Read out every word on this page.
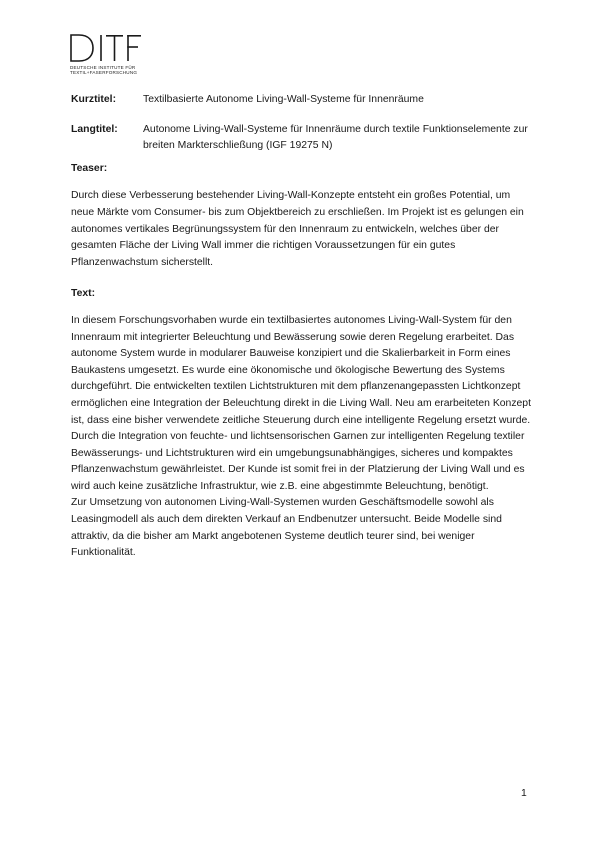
DEUTSCHE INSTITUTE FÜR
TEXTIL+FASERFORSCHUNG
Kurztitel:	Textilbasierte Autonome Living-Wall-Systeme für Innenräume
Langtitel:	Autonome Living-Wall-Systeme für Innenräume durch textile Funktionselemente zur breiten Markterschließung (IGF 19275 N)

Teaser:

Durch diese Verbesserung bestehender Living-Wall-Konzepte entsteht ein großes Potential, um neue Märkte vom Consumer- bis zum Objektbereich zu erschließen. Im Projekt ist es gelungen ein autonomes vertikales Begrünungssystem für den Innenraum zu entwickeln, welches über der gesamten Fläche der Living Wall immer die richtigen Voraussetzungen für ein gutes Pflanzenwachstum sicherstellt.

Text:

In diesem Forschungsvorhaben wurde ein textilbasiertes autonomes Living-Wall-System für den Innenraum mit integrierter Beleuchtung und Bewässerung sowie deren Regelung erarbeitet. Das autonome System wurde in modularer Bauweise konzipiert und die Skalierbarkeit in Form eines Baukastens umgesetzt. Es wurde eine ökonomische und ökologische Bewertung des Systems durchgeführt. Die entwickelten textilen Lichtstrukturen mit dem pflanzenangepassten Lichtkonzept ermöglichen eine Integration der Beleuchtung direkt in die Living Wall. Neu am erarbeiteten Konzept ist, dass eine bisher verwendete zeitliche Steuerung durch eine intelligente Regelung ersetzt wurde. Durch die Integration von feuchte- und lichtsensorischen Garnen zur intelligenten Regelung textiler Bewässerungs- und Lichtstrukturen wird ein umgebungsunabhängiges, sicheres und kompaktes Pflanzenwachstum gewährleistet. Der Kunde ist somit frei in der Platzierung der Living Wall und es wird auch keine zusätzliche Infrastruktur, wie z.B. eine abgestimmte Beleuchtung, benötigt.

Zur Umsetzung von autonomen Living-Wall-Systemen wurden Geschäftsmodelle sowohl als Leasingmodell als auch dem direkten Verkauf an Endbenutzer untersucht. Beide Modelle sind attraktiv, da die bisher am Markt angebotenen Systeme deutlich teurer sind, bei weniger Funktionalität.

1
